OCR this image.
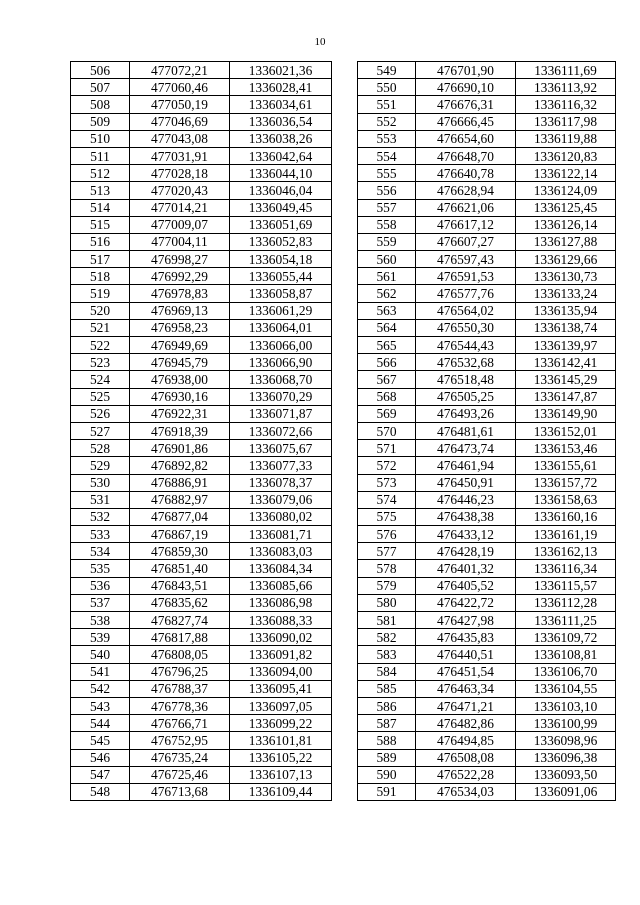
10
506	477072,21	1336021,36
507	477060,46	1336028,41
508	477050,19	1336034,61
509	477046,69	1336036,54
510	477043,08	1336038,26
511	477031,91	1336042,64
512	477028,18	1336044,10
513	477020,43	1336046,04
514	477014,21	1336049,45
515	477009,07	1336051,69
516	477004,11	1336052,83
517	476998,27	1336054,18
518	476992,29	1336055,44
519	476978,83	1336058,87
520	476969,13	1336061,29
521	476958,23	1336064,01
522	476949,69	1336066,00
523	476945,79	1336066,90
524	476938,00	1336068,70
525	476930,16	1336070,29
526	476922,31	1336071,87
527	476918,39	1336072,66
528	476901,86	1336075,67
529	476892,82	1336077,33
530	476886,91	1336078,37
531	476882,97	1336079,06
532	476877,04	1336080,02
533	476867,19	1336081,71
534	476859,30	1336083,03
535	476851,40	1336084,34
536	476843,51	1336085,66
537	476835,62	1336086,98
538	476827,74	1336088,33
539	476817,88	1336090,02
540	476808,05	1336091,82
541	476796,25	1336094,00
542	476788,37	1336095,41
543	476778,36	1336097,05
544	476766,71	1336099,22
545	476752,95	1336101,81
546	476735,24	1336105,22
547	476725,46	1336107,13
548	476713,68	1336109,44
549	476701,90	1336111,69
550	476690,10	1336113,92
551	476676,31	1336116,32
552	476666,45	1336117,98
553	476654,60	1336119,88
554	476648,70	1336120,83
555	476640,78	1336122,14
556	476628,94	1336124,09
557	476621,06	1336125,45
558	476617,12	1336126,14
559	476607,27	1336127,88
560	476597,43	1336129,66
561	476591,53	1336130,73
562	476577,76	1336133,24
563	476564,02	1336135,94
564	476550,30	1336138,74
565	476544,43	1336139,97
566	476532,68	1336142,41
567	476518,48	1336145,29
568	476505,25	1336147,87
569	476493,26	1336149,90
570	476481,61	1336152,01
571	476473,74	1336153,46
572	476461,94	1336155,61
573	476450,91	1336157,72
574	476446,23	1336158,63
575	476438,38	1336160,16
576	476433,12	1336161,19
577	476428,19	1336162,13
578	476401,32	1336116,34
579	476405,52	1336115,57
580	476422,72	1336112,28
581	476427,98	1336111,25
582	476435,83	1336109,72
583	476440,51	1336108,81
584	476451,54	1336106,70
585	476463,34	1336104,55
586	476471,21	1336103,10
587	476482,86	1336100,99
588	476494,85	1336098,96
589	476508,08	1336096,38
590	476522,28	1336093,50
591	476534,03	1336091,06
